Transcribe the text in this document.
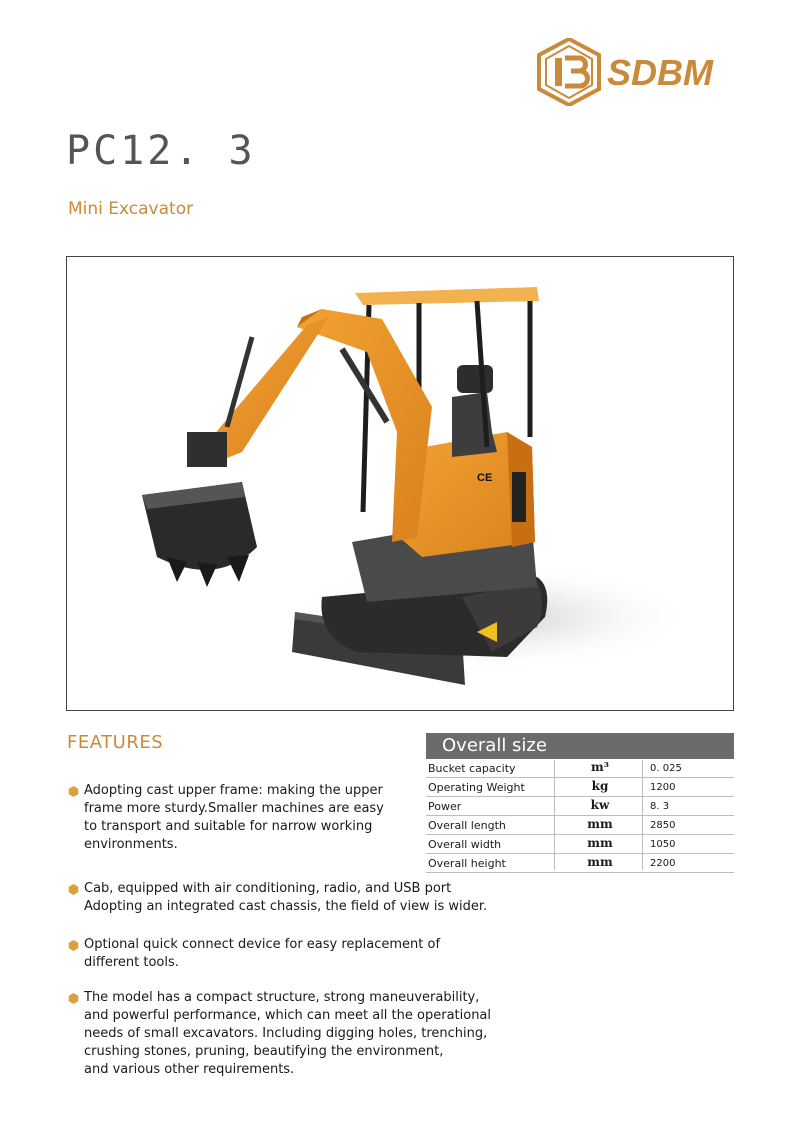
SDBM
PC12. 3
Mini Excavator
CE
FEATURES
Adopting cast upper frame: making the upper
frame more sturdy.Smaller machines are easy
to transport and suitable for narrow working
environments.
Cab, equipped with air conditioning, radio, and USB port
Adopting an integrated cast chassis, the field of view is wider.
Optional quick connect device for easy replacement of
different tools.
The model has a compact structure, strong maneuverability,
and powerful performance, which can meet all the operational
needs of small excavators. Including digging holes, trenching,
crushing stones, pruning, beautifying the environment,
and various other requirements.
Overall size
Bucket capacity	m³	0. 025
Operating Weight	kg	1200
Power	kw	8. 3
Overall length	mm	2850
Overall width	mm	1050
Overall height	mm	2200
